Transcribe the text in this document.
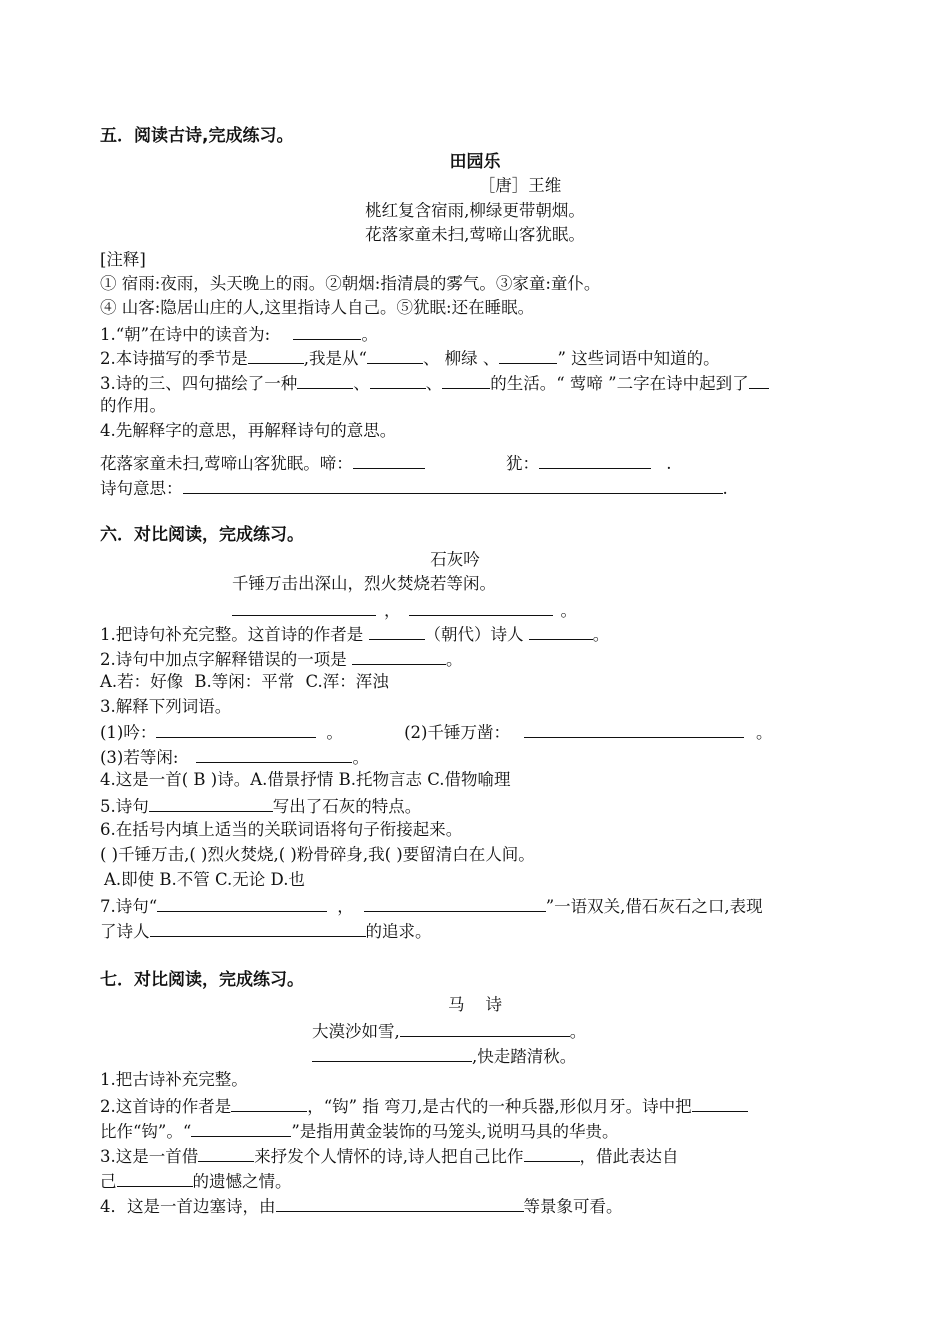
五．阅读古诗,完成练习。
田园乐
［唐］王维
桃红复含宿雨,柳绿更带朝烟。
花落家童未扫,莺啼山客犹眠。
[注释]
① 宿雨:夜雨，头天晚上的雨。②朝烟:指清晨的雾气。③家童:童仆。
④ 山客:隐居山庄的人,这里指诗人自己。⑤犹眠:还在睡眠。
1.“朝”在诗中的读音为:	。
2.本诗描写的季节是	,我是从“	、 柳绿 、	” 这些词语中知道的。
3.诗的三、四句描绘了一种	、	、	的生活。“ 莺啼 ”二字在诗中起到了
的作用。
4.先解释字的意思，再解释诗句的意思。
花落家童未扫,莺啼山客犹眠。啼：	犹：	.
诗句意思：	.
六．对比阅读，完成练习。
石灰吟
千锤万击出深山，烈火焚烧若等闲。
，	。
1.把诗句补充完整。这首诗的作者是	（朝代）诗人	。
2.诗句中加点字解释错误的一项是	。
A.若：好像 B.等闲：平常 C.浑：浑浊
3.解释下列词语。
(1)吟：	。	(2)千锤万凿：	。
(3)若等闲:	。
4.这是一首( B )诗。A.借景抒情 B.托物言志 C.借物喻理
5.诗句	写出了石灰的特点。
6.在括号内填上适当的关联词语将句子衔接起来。
( )千锤万击,( )烈火焚烧,( )粉骨碎身,我( )要留清白在人间。
A.即使 B.不管 C.无论 D.也
7.诗句“	，	”一语双关,借石灰石之口,表现
了诗人	的追求。
七．对比阅读，完成练习。
马    诗
大漠沙如雪,	。
,快走踏清秋。
1.把古诗补充完整。
2.这首诗的作者是	，“钩” 指 弯刀,是古代的一种兵器,形似月牙。诗中把
比作“钩”。“	”是指用黄金装饰的马笼头,说明马具的华贵。
3.这是一首借	来抒发个人情怀的诗,诗人把自己比作	，借此表达自
己	的遗憾之情。
4．这是一首边塞诗，由	等景象可看。
